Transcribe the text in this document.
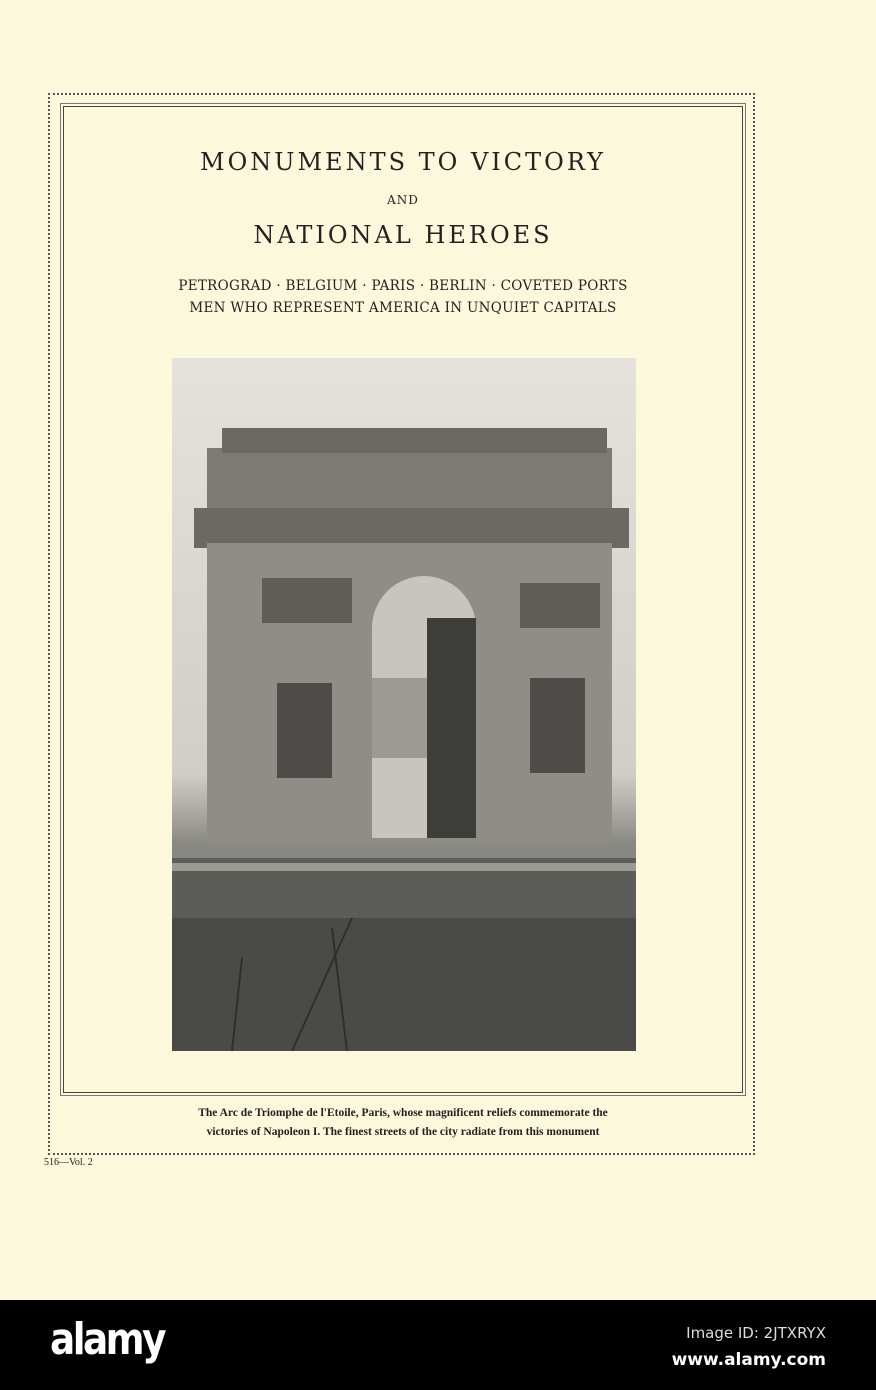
MONUMENTS TO VICTORY
AND
NATIONAL HEROES
PETROGRAD · BELGIUM · PARIS · BERLIN · COVETED PORTS
MEN WHO REPRESENT AMERICA IN UNQUIET CAPITALS
The Arc de Triomphe de l'Etoile, Paris, whose magnificent reliefs commemorate the
victories of Napoleon I. The finest streets of the city radiate from this monument
516—Vol. 2
alamy	Image ID: 2JTXRYX
www.alamy.com
